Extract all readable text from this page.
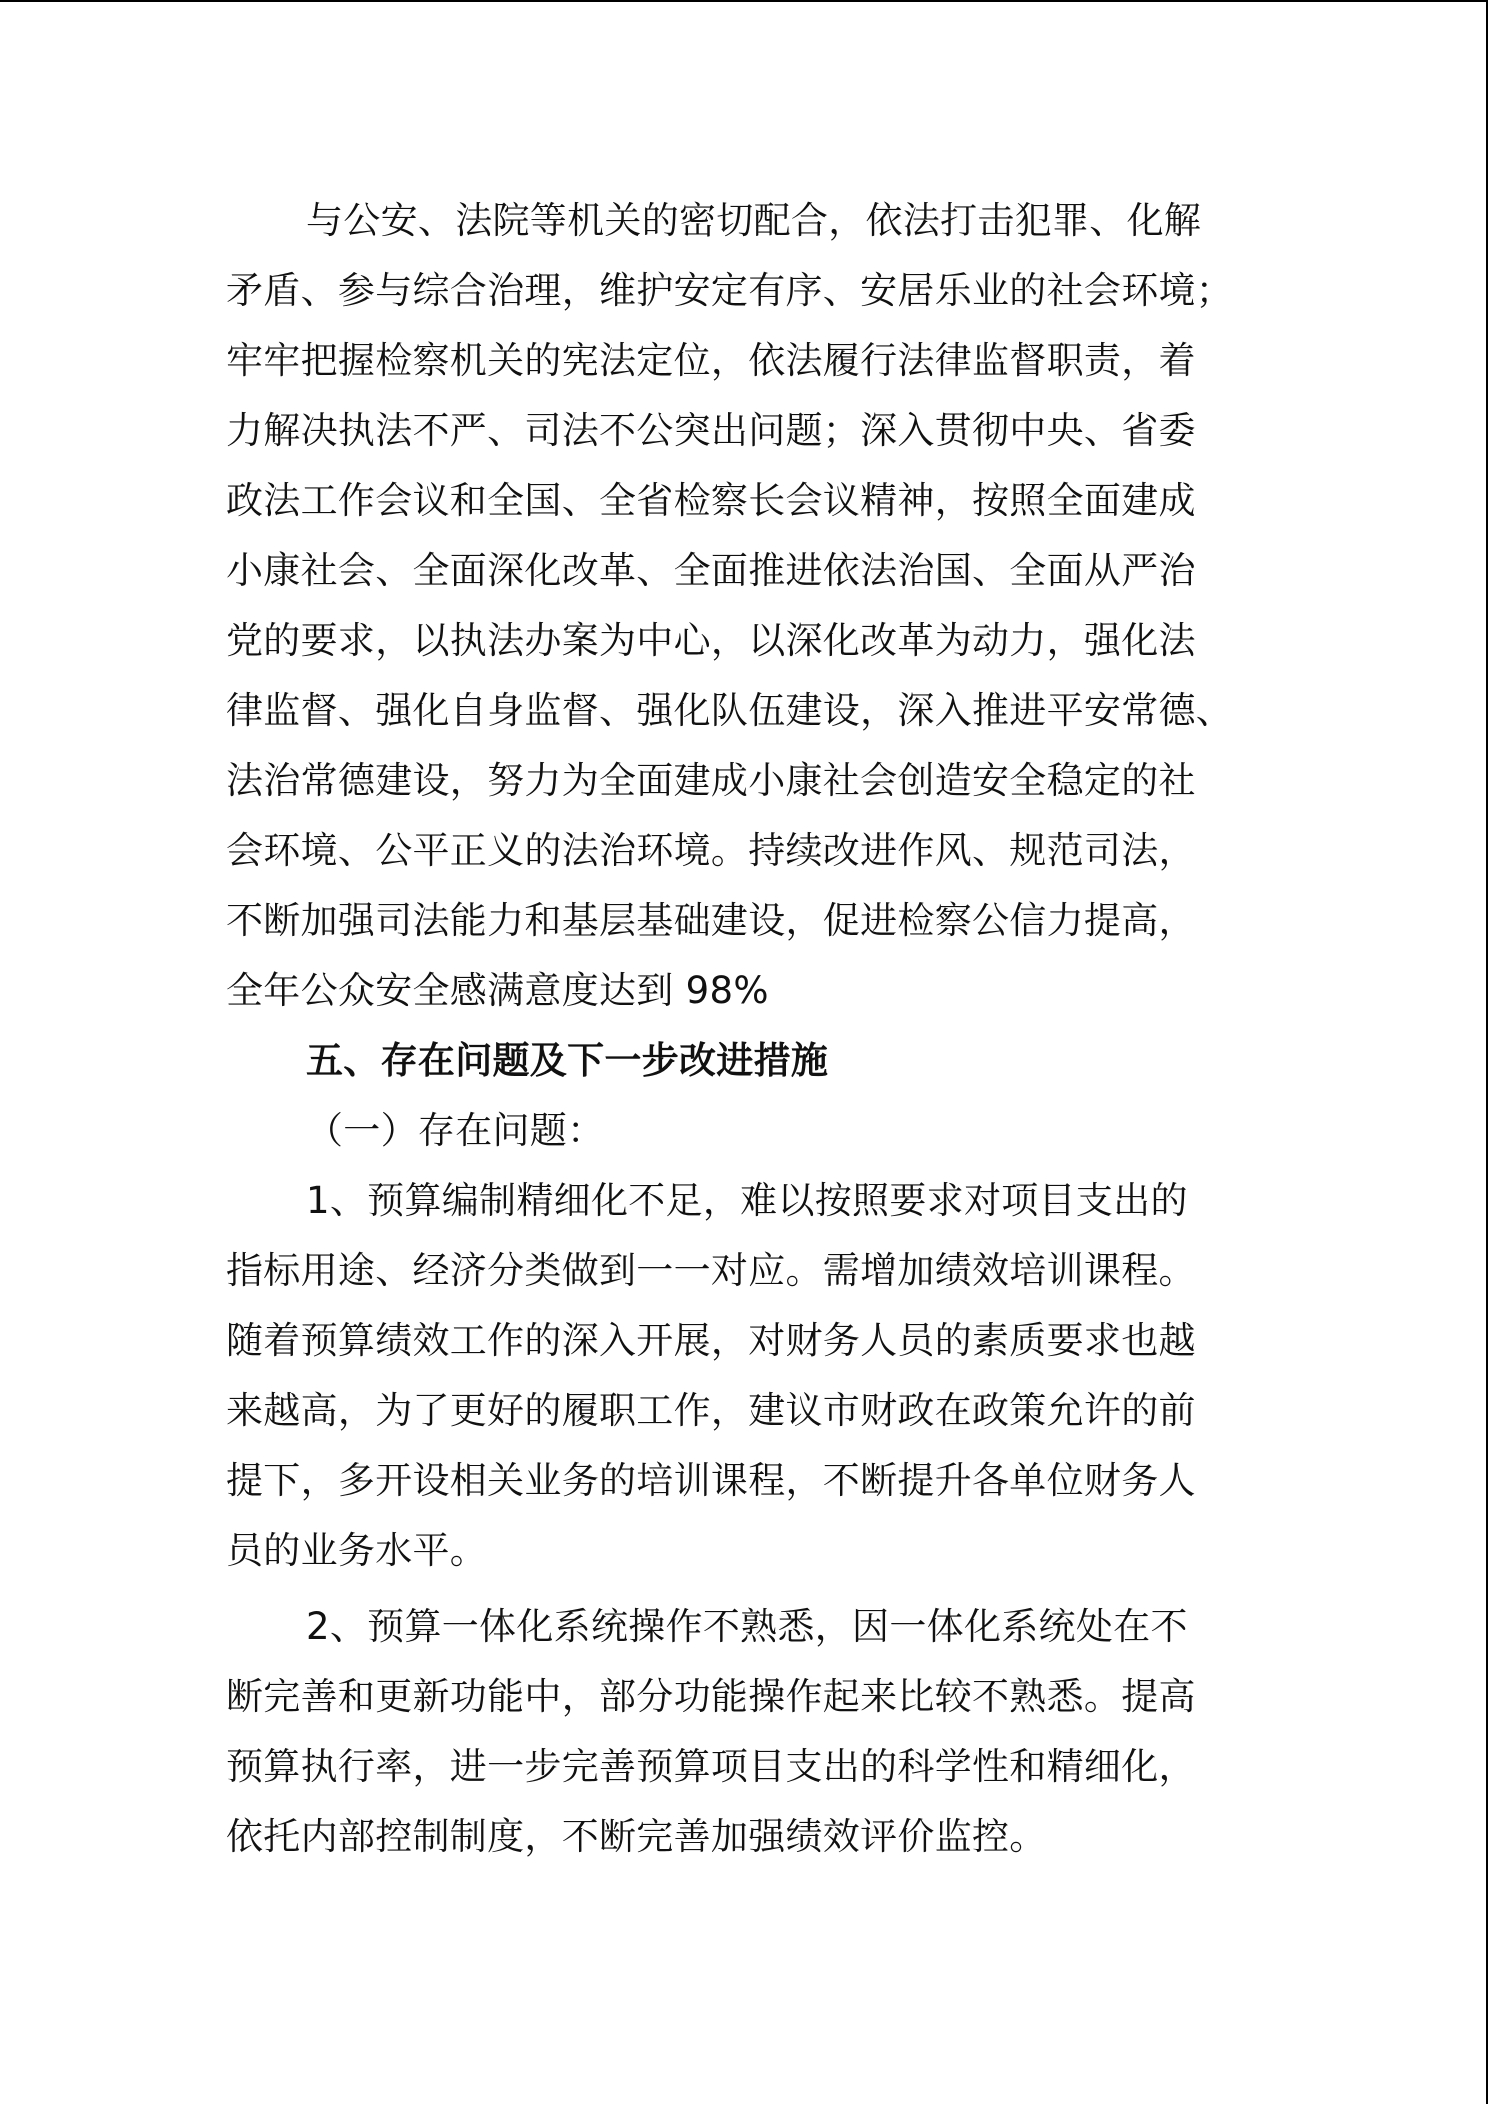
与公安、法院等机关的密切配合，依法打击犯罪、化解
矛盾、参与综合治理，维护安定有序、安居乐业的社会环境；
牢牢把握检察机关的宪法定位，依法履行法律监督职责，着
力解决执法不严、司法不公突出问题；深入贯彻中央、省委
政法工作会议和全国、全省检察长会议精神，按照全面建成
小康社会、全面深化改革、全面推进依法治国、全面从严治
党的要求，以执法办案为中心，以深化改革为动力，强化法
律监督、强化自身监督、强化队伍建设，深入推进平安常德、
法治常德建设，努力为全面建成小康社会创造安全稳定的社
会环境、公平正义的法治环境。持续改进作风、规范司法，
不断加强司法能力和基层基础建设，促进检察公信力提高，
全年公众安全感满意度达到 98%
五、存在问题及下一步改进措施
（一）存在问题：
1、预算编制精细化不足，难以按照要求对项目支出的
指标用途、经济分类做到一一对应。需增加绩效培训课程。
随着预算绩效工作的深入开展，对财务人员的素质要求也越
来越高，为了更好的履职工作，建议市财政在政策允许的前
提下，多开设相关业务的培训课程，不断提升各单位财务人
员的业务水平。
2、预算一体化系统操作不熟悉，因一体化系统处在不
断完善和更新功能中，部分功能操作起来比较不熟悉。提高
预算执行率，进一步完善预算项目支出的科学性和精细化，
依托内部控制制度，不断完善加强绩效评价监控。
